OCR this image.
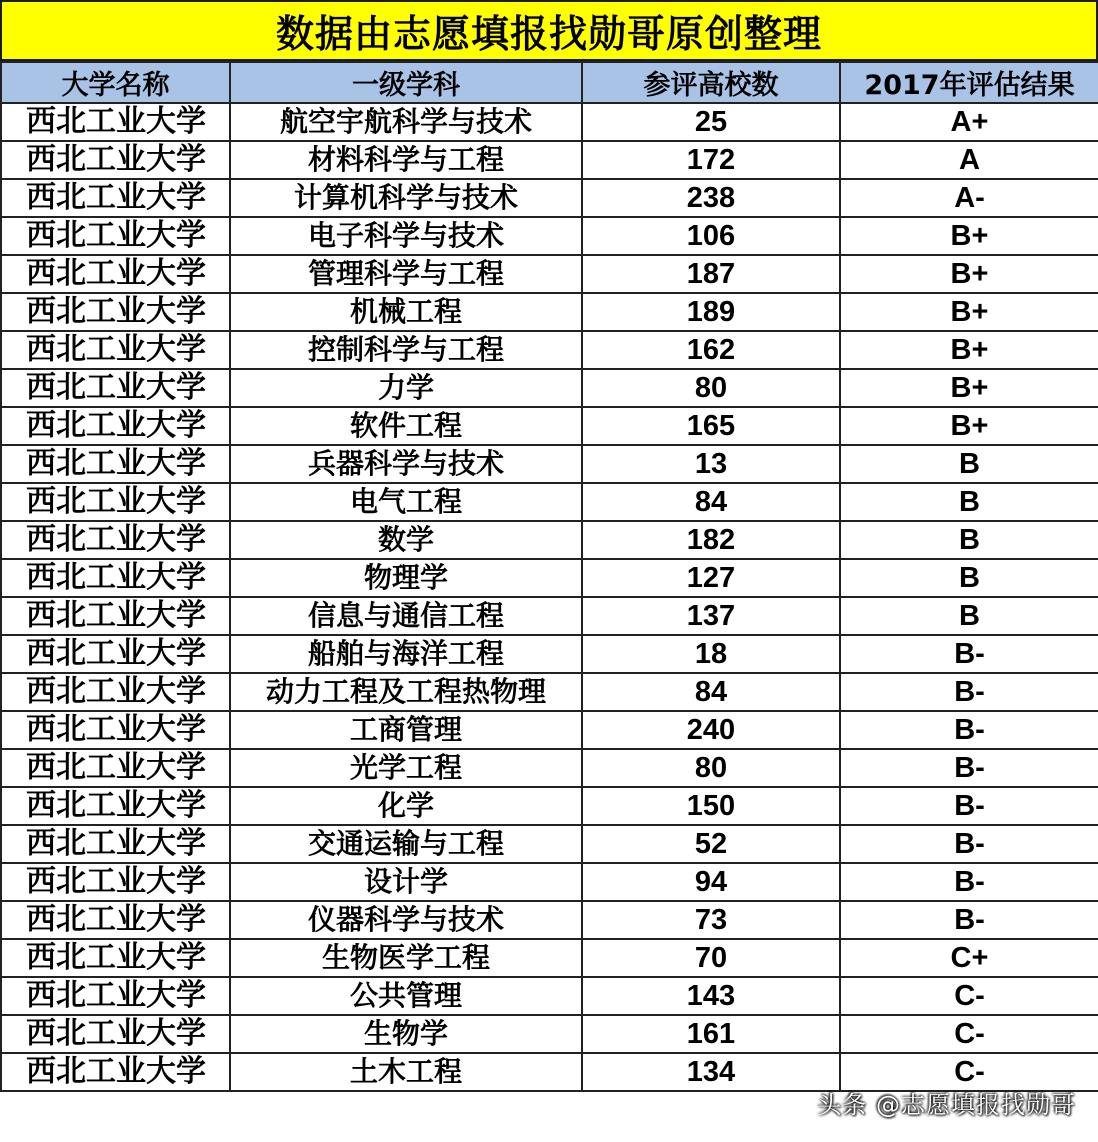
数据由志愿填报找勋哥原创整理
大学名称	一级学科	参评高校数	2017年评估结果
西北工业大学	航空宇航科学与技术	25	A+
西北工业大学	材料科学与工程	172	A
西北工业大学	计算机科学与技术	238	A-
西北工业大学	电子科学与技术	106	B+
西北工业大学	管理科学与工程	187	B+
西北工业大学	机械工程	189	B+
西北工业大学	控制科学与工程	162	B+
西北工业大学	力学	80	B+
西北工业大学	软件工程	165	B+
西北工业大学	兵器科学与技术	13	B
西北工业大学	电气工程	84	B
西北工业大学	数学	182	B
西北工业大学	物理学	127	B
西北工业大学	信息与通信工程	137	B
西北工业大学	船舶与海洋工程	18	B-
西北工业大学	动力工程及工程热物理	84	B-
西北工业大学	工商管理	240	B-
西北工业大学	光学工程	80	B-
西北工业大学	化学	150	B-
西北工业大学	交通运输与工程	52	B-
西北工业大学	设计学	94	B-
西北工业大学	仪器科学与技术	73	B-
西北工业大学	生物医学工程	70	C+
西北工业大学	公共管理	143	C-
西北工业大学	生物学	161	C-
西北工业大学	土木工程	134	C-
头条 @志愿填报找勋哥
